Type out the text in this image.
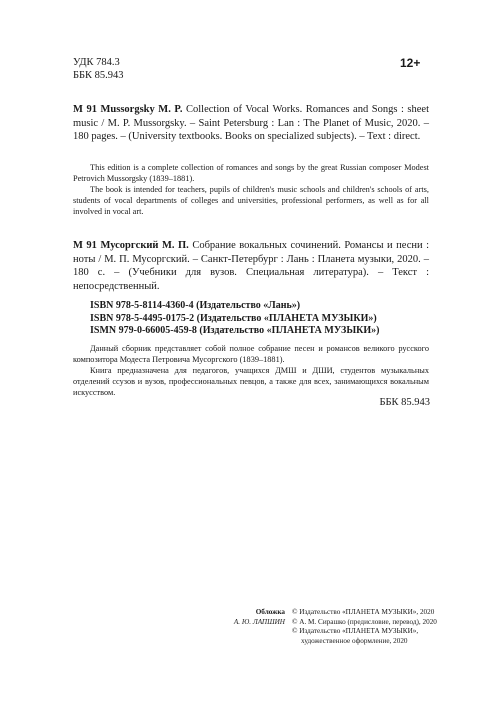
УДК 784.3
ББК 85.943
12+
M 91 Mussorgsky M. P. Collection of Vocal Works. Romances and Songs : sheet music / M. P. Mussorgsky. – Saint Petersburg : Lan : The Planet of Music, 2020. – 180 pages. – (University textbooks. Books on specialized subjects). – Text : direct.

This edition is a complete collection of romances and songs by the great Russian composer Modest Petrovich Mussorgsky (1839–1881).

The book is intended for teachers, pupils of children's music schools and children's schools of arts, students of vocal departments of colleges and universities, professional performers, as well as for all involved in vocal art.

М 91 Мусоргский М. П. Собрание вокальных сочинений. Романсы и песни : ноты / М. П. Мусоргский. – Санкт-Петербург : Лань : Планета музыки, 2020. – 180 с. – (Учебники для вузов. Специальная литература). – Текст : непосредственный.
ISBN 978-5-8114-4360-4 (Издательство «Лань»)
ISBN 978-5-4495-0175-2 (Издательство «ПЛАНЕТА МУЗЫКИ»)
ISMN 979-0-66005-459-8 (Издательство «ПЛАНЕТА МУЗЫКИ»)

Данный сборник представляет собой полное собрание песен и романсов великого русского композитора Модеста Петровича Мусоргского (1839–1881).

Книга предназначена для педагогов, учащихся ДМШ и ДШИ, студентов музыкальных отделений ссузов и вузов, профессиональных певцов, а также для всех, занимающихся вокальным искусством.

ББК 85.943
Обложка
А. Ю. ЛАПШИН
© Издательство «ПЛАНЕТА МУЗЫКИ», 2020
© А. М. Сирашко (предисловие, перевод), 2020
© Издательство «ПЛАНЕТА МУЗЫКИ»,
художественное оформление, 2020
